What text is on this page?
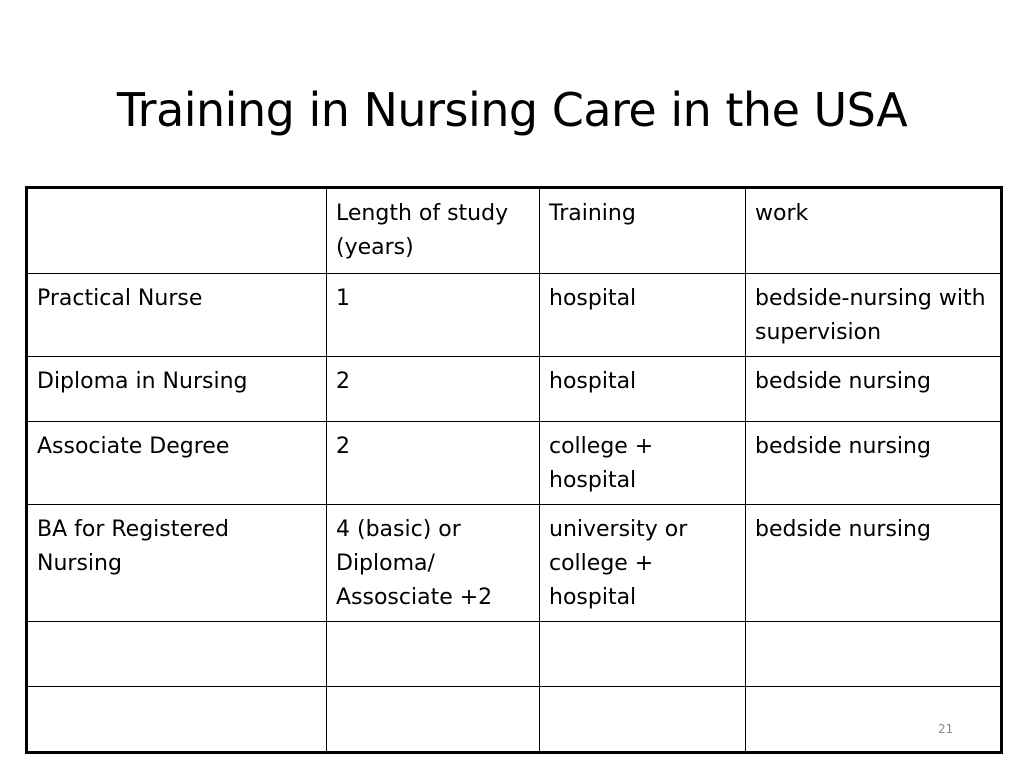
Training in Nursing Care in the USA
	Length of study (years)	Training	work
Practical Nurse	1	hospital	bedside-nursing with supervision
Diploma in Nursing	2	hospital	bedside nursing
Associate Degree	2	college + hospital	bedside nursing
BA for Registered Nursing	4 (basic) or Diploma/ Assosciate +2	university or college + hospital	bedside nursing

21
